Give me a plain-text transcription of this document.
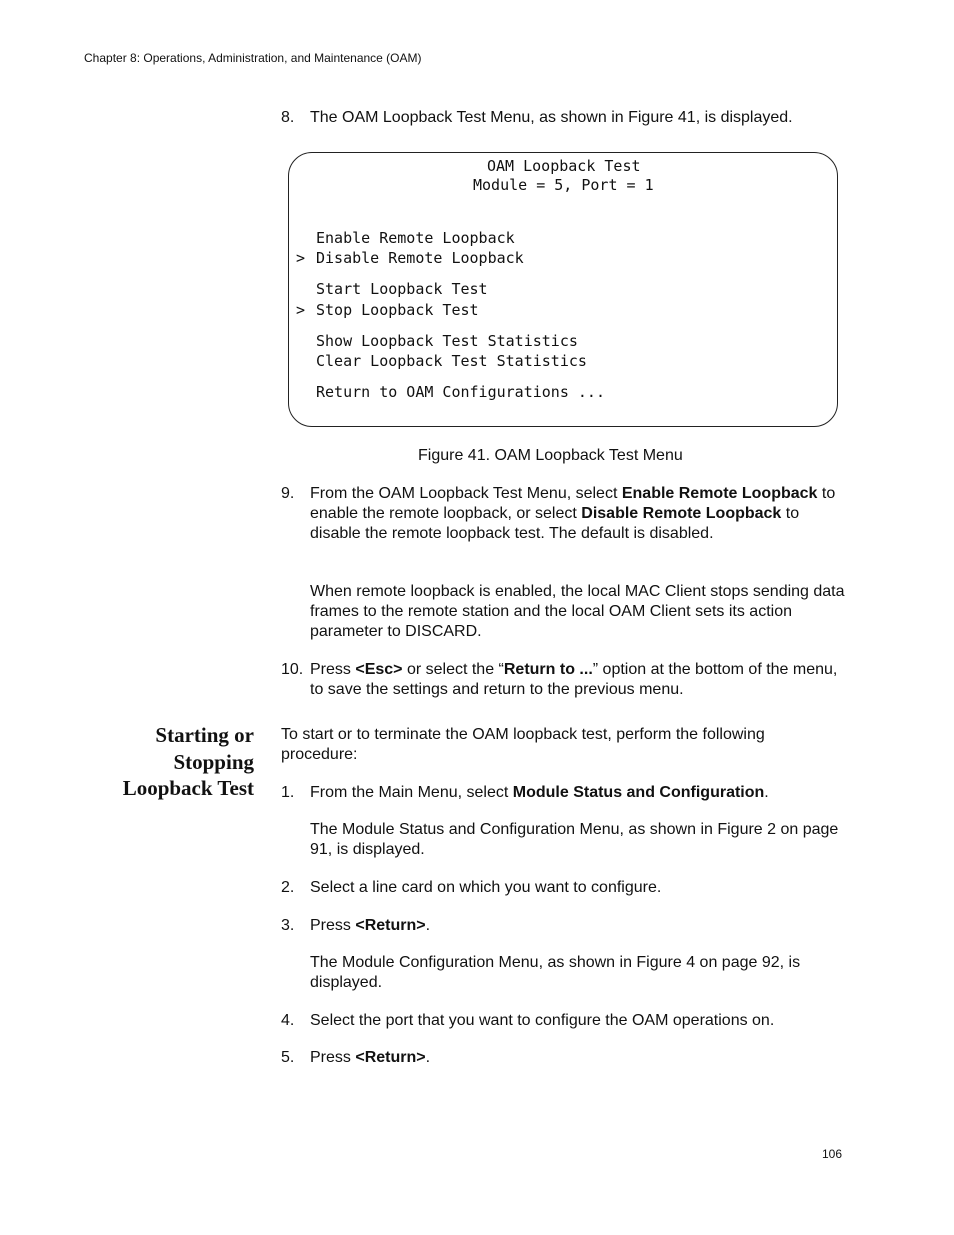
Chapter 8: Operations, Administration, and Maintenance (OAM)
8. The OAM Loopback Test Menu, as shown in Figure 41, is displayed.
OAM Loopback Test
Module = 5, Port = 1
Enable Remote Loopback
> Disable Remote Loopback
Start Loopback Test
> Stop Loopback Test
Show Loopback Test Statistics
Clear Loopback Test Statistics
Return to OAM Configurations ...
Figure 41. OAM Loopback Test Menu
9. From the OAM Loopback Test Menu, select Enable Remote Loopback to enable the remote loopback, or select Disable Remote Loopback to disable the remote loopback test. The default is disabled.
When remote loopback is enabled, the local MAC Client stops sending data frames to the remote station and the local OAM Client sets its action parameter to DISCARD.
10. Press <Esc> or select the “Return to ...” option at the bottom of the menu, to save the settings and return to the previous menu.
Starting or
Stopping
Loopback Test
To start or to terminate the OAM loopback test, perform the following procedure:
1. From the Main Menu, select Module Status and Configuration.
The Module Status and Configuration Menu, as shown in Figure 2 on page 91, is displayed.
2. Select a line card on which you want to configure.
3. Press <Return>.
The Module Configuration Menu, as shown in Figure 4 on page 92, is displayed.
4. Select the port that you want to configure the OAM operations on.
5. Press <Return>.
106
